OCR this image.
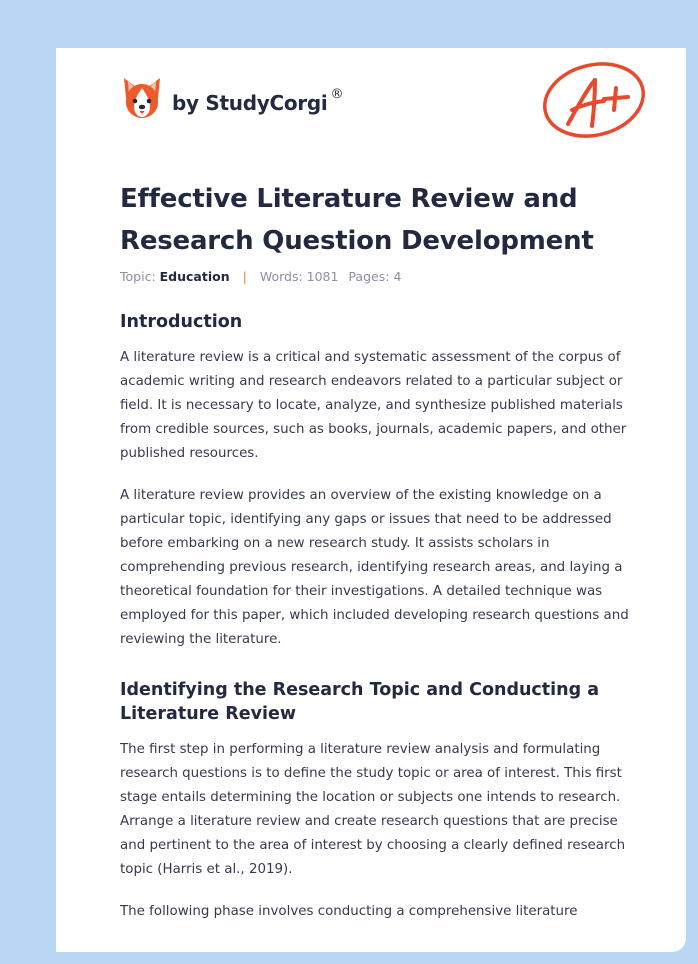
by StudyCorgi ®
A+
Effective Literature Review and Research Question Development
Topic: Education | Words: 1081 Pages: 4
Introduction

A literature review is a critical and systematic assessment of the corpus of academic writing and research endeavors related to a particular subject or field. It is necessary to locate, analyze, and synthesize published materials from credible sources, such as books, journals, academic papers, and other published resources.

A literature review provides an overview of the existing knowledge on a particular topic, identifying any gaps or issues that need to be addressed before embarking on a new research study. It assists scholars in comprehending previous research, identifying research areas, and laying a theoretical foundation for their investigations. A detailed technique was employed for this paper, which included developing research questions and reviewing the literature.

Identifying the Research Topic and Conducting a Literature Review

The first step in performing a literature review analysis and formulating research questions is to define the study topic or area of interest. This first stage entails determining the location or subjects one intends to research. Arrange a literature review and create research questions that are precise and pertinent to the area of interest by choosing a clearly defined research topic (Harris et al., 2019).

The following phase involves conducting a comprehensive literature
